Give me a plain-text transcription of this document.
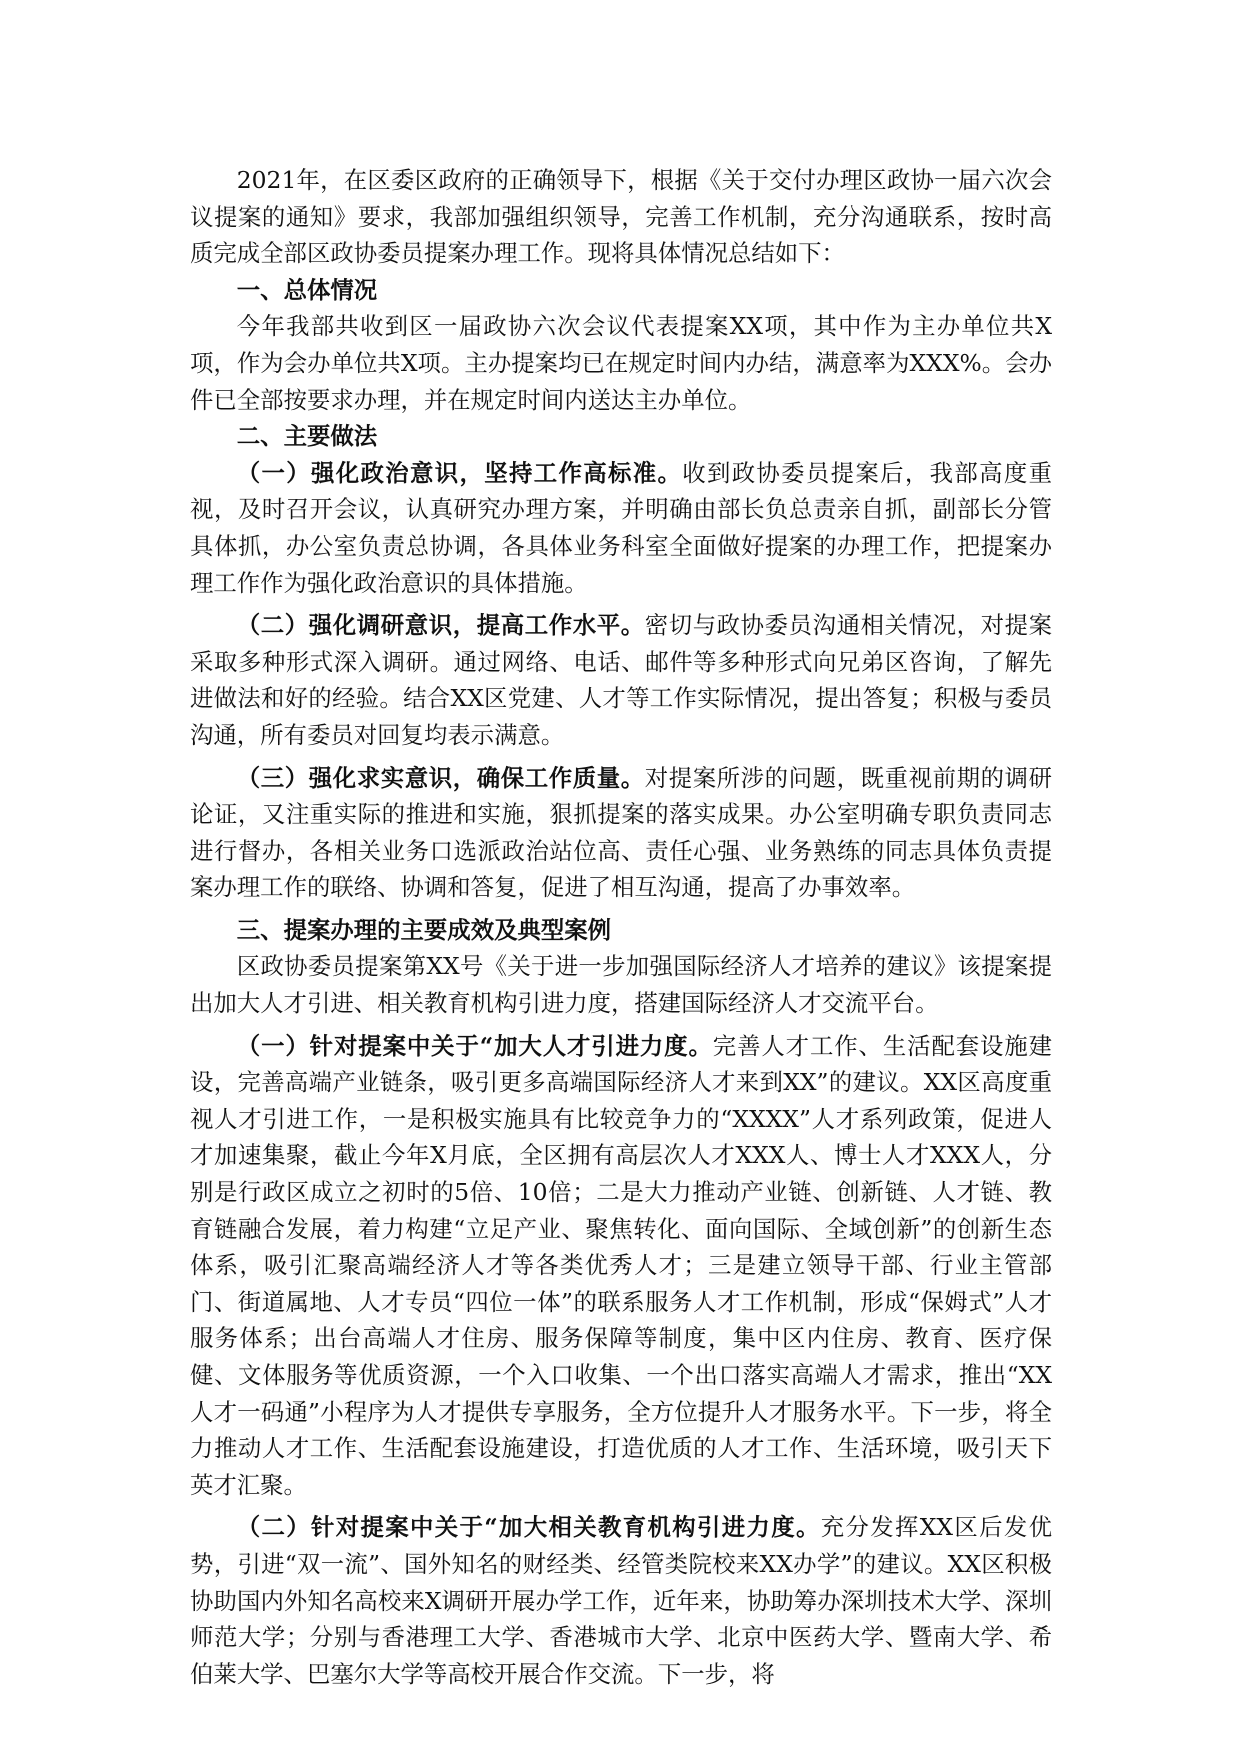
2021年，在区委区政府的正确领导下，根据《关于交付办理区政协一届六次会议提案的通知》要求，我部加强组织领导，完善工作机制，充分沟通联系，按时高质完成全部区政协委员提案办理工作。现将具体情况总结如下：

一、总体情况

今年我部共收到区一届政协六次会议代表提案XX项，其中作为主办单位共X项，作为会办单位共X项。主办提案均已在规定时间内办结，满意率为XXX%。会办件已全部按要求办理，并在规定时间内送达主办单位。

二、主要做法

（一）强化政治意识，坚持工作高标准。收到政协委员提案后，我部高度重视，及时召开会议，认真研究办理方案，并明确由部长负总责亲自抓，副部长分管具体抓，办公室负责总协调，各具体业务科室全面做好提案的办理工作，把提案办理工作作为强化政治意识的具体措施。

（二）强化调研意识，提高工作水平。密切与政协委员沟通相关情况，对提案采取多种形式深入调研。通过网络、电话、邮件等多种形式向兄弟区咨询，了解先进做法和好的经验。结合XX区党建、人才等工作实际情况，提出答复；积极与委员沟通，所有委员对回复均表示满意。

（三）强化求实意识，确保工作质量。对提案所涉的问题，既重视前期的调研论证，又注重实际的推进和实施，狠抓提案的落实成果。办公室明确专职负责同志进行督办，各相关业务口选派政治站位高、责任心强、业务熟练的同志具体负责提案办理工作的联络、协调和答复，促进了相互沟通，提高了办事效率。

三、提案办理的主要成效及典型案例

区政协委员提案第XX号《关于进一步加强国际经济人才培养的建议》该提案提出加大人才引进、相关教育机构引进力度，搭建国际经济人才交流平台。

（一）针对提案中关于“加大人才引进力度。完善人才工作、生活配套设施建设，完善高端产业链条，吸引更多高端国际经济人才来到XX”的建议。XX区高度重视人才引进工作，一是积极实施具有比较竞争力的“XXXX”人才系列政策，促进人才加速集聚，截止今年X月底，全区拥有高层次人才XXX人、博士人才XXX人，分别是行政区成立之初时的5倍、10倍；二是大力推动产业链、创新链、人才链、教育链融合发展，着力构建“立足产业、聚焦转化、面向国际、全域创新”的创新生态体系，吸引汇聚高端经济人才等各类优秀人才；三是建立领导干部、行业主管部门、街道属地、人才专员“四位一体”的联系服务人才工作机制，形成“保姆式”人才服务体系；出台高端人才住房、服务保障等制度，集中区内住房、教育、医疗保健、文体服务等优质资源，一个入口收集、一个出口落实高端人才需求，推出“XX人才一码通”小程序为人才提供专享服务，全方位提升人才服务水平。下一步，将全力推动人才工作、生活配套设施建设，打造优质的人才工作、生活环境，吸引天下英才汇聚。

（二）针对提案中关于“加大相关教育机构引进力度。充分发挥XX区后发优势，引进“双一流”、国外知名的财经类、经管类院校来XX办学”的建议。XX区积极协助国内外知名高校来X调研开展办学工作，近年来，协助筹办深圳技术大学、深圳师范大学；分别与香港理工大学、香港城市大学、北京中医药大学、暨南大学、希伯莱大学、巴塞尔大学等高校开展合作交流。下一步，将
